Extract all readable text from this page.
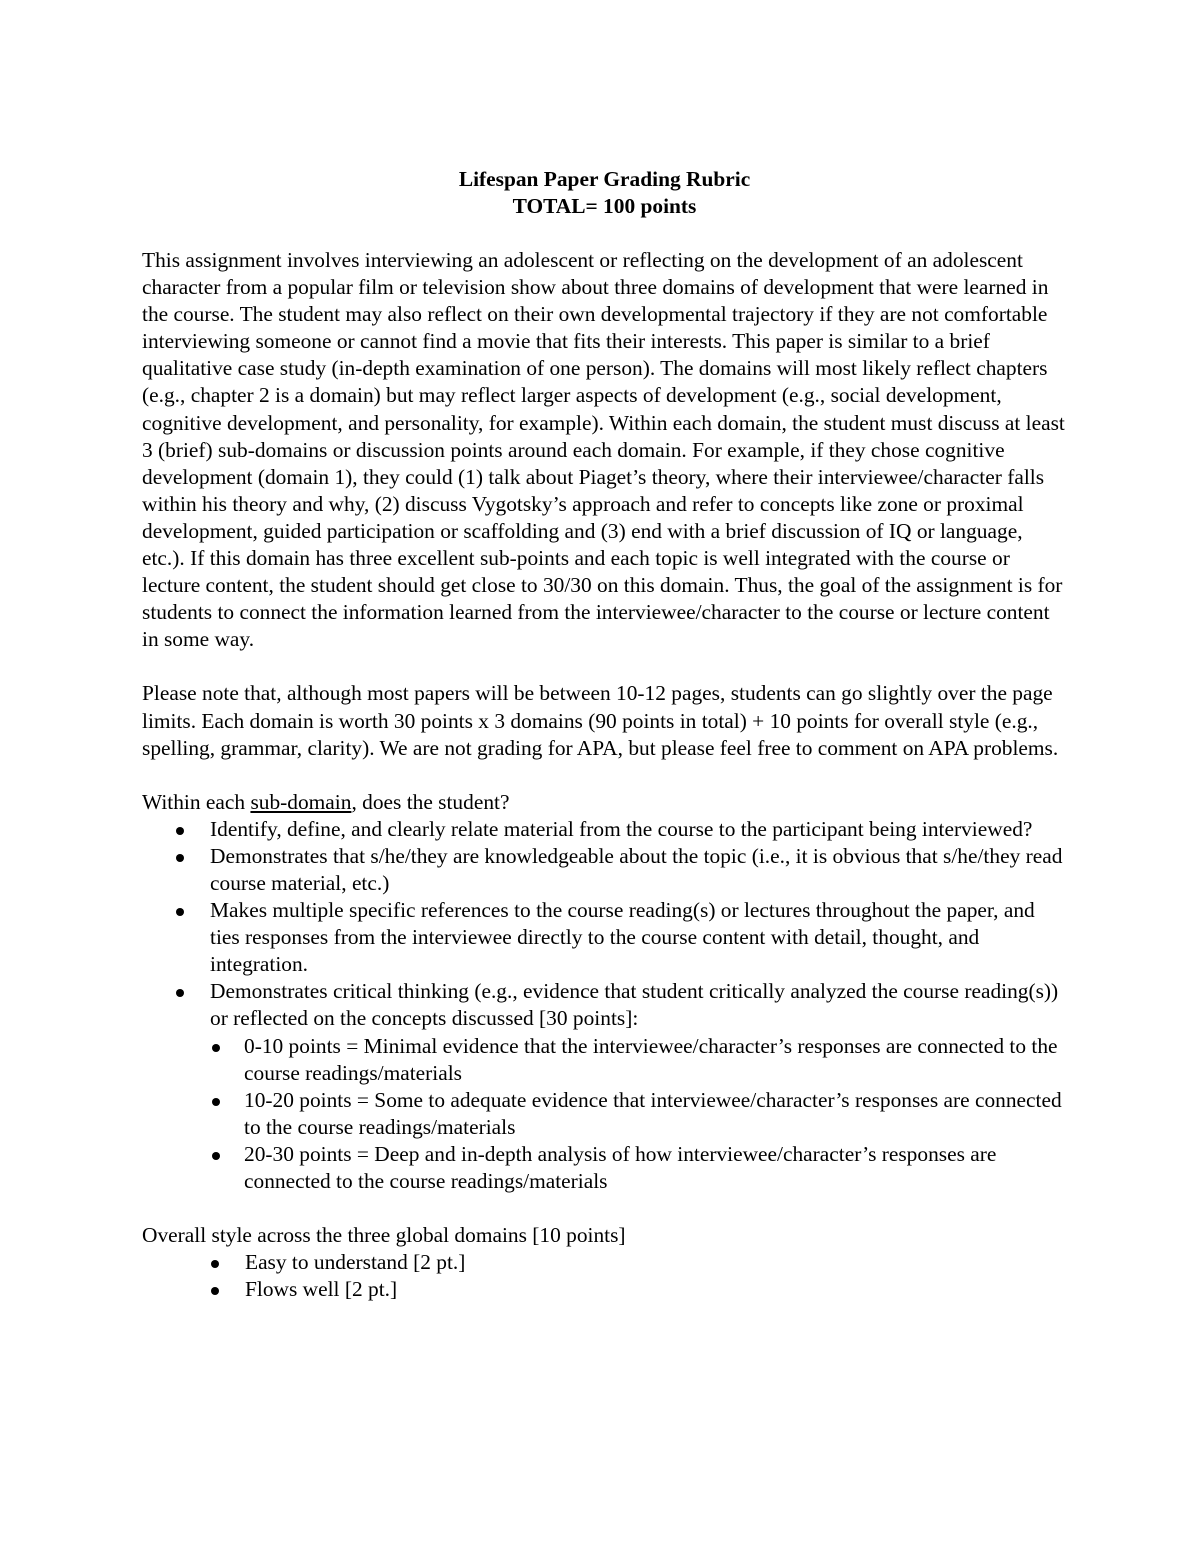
Lifespan Paper Grading Rubric
TOTAL= 100 points

This assignment involves interviewing an adolescent or reflecting on the development of an adolescent character from a popular film or television show about three domains of development that were learned in the course. The student may also reflect on their own developmental trajectory if they are not comfortable interviewing someone or cannot find a movie that fits their interests. This paper is similar to a brief qualitative case study (in-depth examination of one person). The domains will most likely reflect chapters (e.g., chapter 2 is a domain) but may reflect larger aspects of development (e.g., social development, cognitive development, and personality, for example). Within each domain, the student must discuss at least 3 (brief) sub-domains or discussion points around each domain. For example, if they chose cognitive development (domain 1), they could (1) talk about Piaget’s theory, where their interviewee/character falls within his theory and why, (2) discuss Vygotsky’s approach and refer to concepts like zone or proximal development, guided participation or scaffolding and (3) end with a brief discussion of IQ or language, etc.). If this domain has three excellent sub-points and each topic is well integrated with the course or lecture content, the student should get close to 30/30 on this domain. Thus, the goal of the assignment is for students to connect the information learned from the interviewee/character to the course or lecture content in some way.

Please note that, although most papers will be between 10-12 pages, students can go slightly over the page limits. Each domain is worth 30 points x 3 domains (90 points in total) + 10 points for overall style (e.g., spelling, grammar, clarity). We are not grading for APA, but please feel free to comment on APA problems.

Within each sub-domain, does the student?
Identify, define, and clearly relate material from the course to the participant being interviewed?
Demonstrates that s/he/they are knowledgeable about the topic (i.e., it is obvious that s/he/they read course material, etc.)
Makes multiple specific references to the course reading(s) or lectures throughout the paper, and ties responses from the interviewee directly to the course content with detail, thought, and integration.
Demonstrates critical thinking (e.g., evidence that student critically analyzed the course reading(s)) or reflected on the concepts discussed [30 points]:
0-10 points = Minimal evidence that the interviewee/character’s responses are connected to the course readings/materials
10-20 points = Some to adequate evidence that interviewee/character’s responses are connected to the course readings/materials
20-30 points = Deep and in-depth analysis of how interviewee/character’s responses are connected to the course readings/materials
Overall style across the three global domains [10 points]
Easy to understand [2 pt.]
Flows well [2 pt.]
